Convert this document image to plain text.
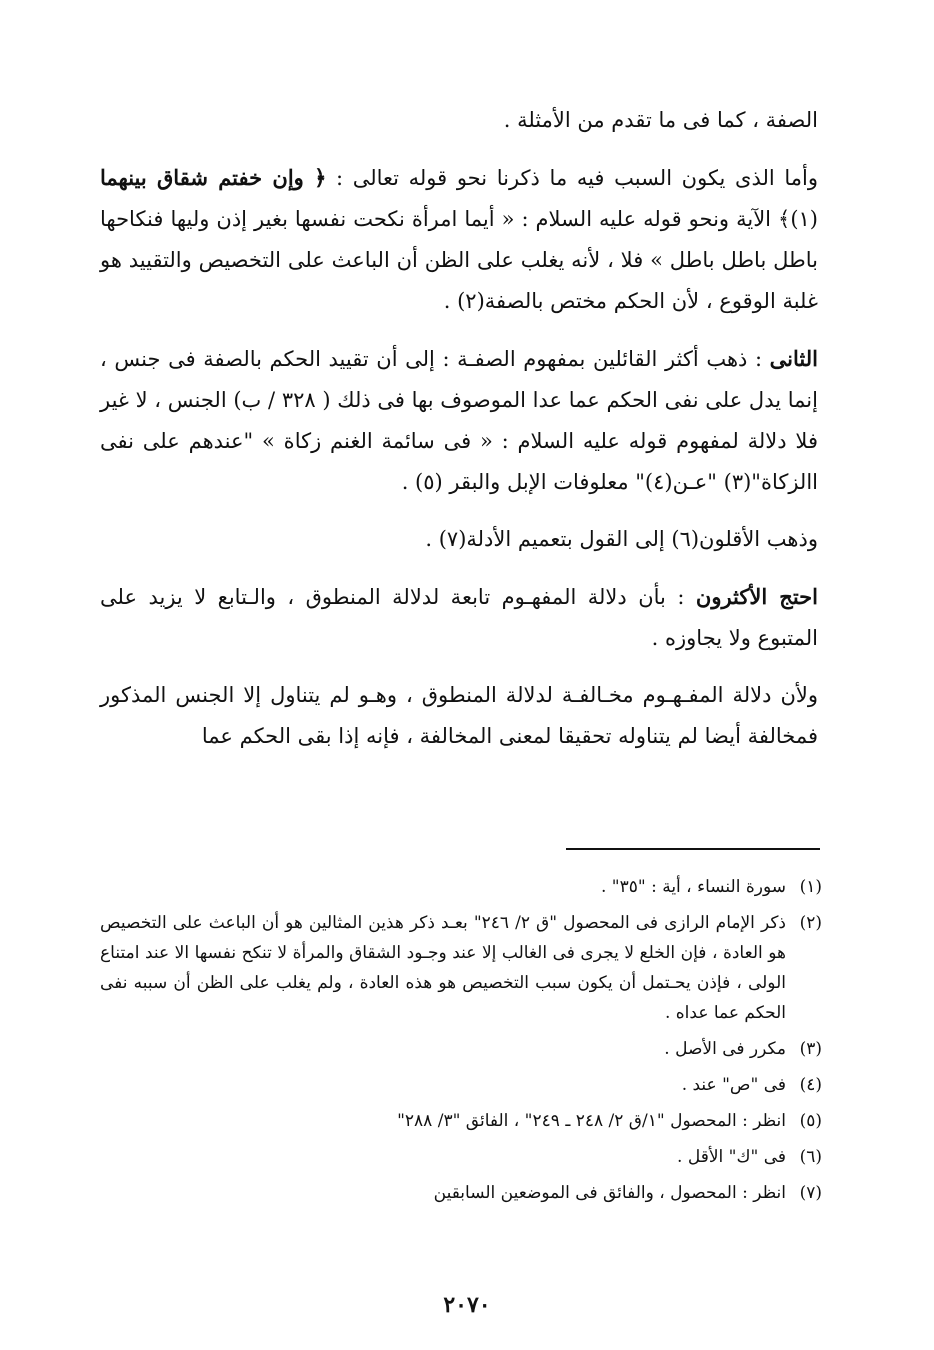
الصفة ، كما فى ما تقدم من الأمثلة .

وأما الذى يكون السبب فيه ما ذكرنا نحو قوله تعالى : ﴿ وإن خفتم شقاق بينهما (١)﴾ الآية ونحو قوله عليه السلام : « أيما امرأة نكحت نفسها بغير إذن وليها فنكاحها باطل باطل باطل » فلا ، لأنه يغلب على الظن أن الباعث على التخصيص والتقييد هو غلبة الوقوع ، لأن الحكم مختص بالصفة(٢) .

الثانى : ذهب أكثر القائلين بمفهوم الصفـة : إلى أن تقييد الحكم بالصفة فى جنس ، إنما يدل على نفى الحكم عما عدا الموصوف بها فى ذلك ( ٣٢٨ / ب) الجنس ، لا غير فلا دلالة لمفهوم قوله عليه السلام : « فى سائمة الغنم زكاة » "عندهم على نفى االزكاة"(٣) "عـن(٤)" معلوفات الإبل والبقر (٥) .

وذهب الأقلون(٦) إلى القول بتعميم الأدلة(٧) .

احتج الأكثرون : بأن دلالة المفهـوم تابعة لدلالة المنطوق ، والـتابع لا يزيد على المتبوع ولا يجاوزه .

ولأن دلالة المفـهـوم مخـالفـة لدلالة المنطوق ، وهـو لم يتناول إلا الجنس المذكور فمخالفة أيضا لم يتناوله تحقيقا لمعنى المخالفة ، فإنه إذا بقى الحكم عما

(١)
سورة النساء ، أية : "٣٥" .
(٢)
ذكر الإمام الرازى فى المحصول "ق ٢/ ٢٤٦" بعـد ذكر هذين المثالين هو أن الباعث على التخصيص هو العادة ، فإن الخلع لا يجرى فى الغالب إلا عند وجـود الشقاق والمرأة لا تنكح نفسها الا عند امتناع الولى ، فإذن يحـتمل أن يكون سبب التخصيص هو هذه العادة ، ولم يغلب على الظن أن سببه نفى الحكم عما عداه .
(٣)
مكرر فى الأصل .
(٤)
فى "ص" عند .
(٥)
انظر : المحصول "١/ق ٢/ ٢٤٨ ـ ٢٤٩" ، الفائق "٣/ ٢٨٨"
(٦)
فى "ك" الأقل .
(٧)
انظر : المحصول ، والفائق فى الموضعين السابقين
٢٠٧٠
